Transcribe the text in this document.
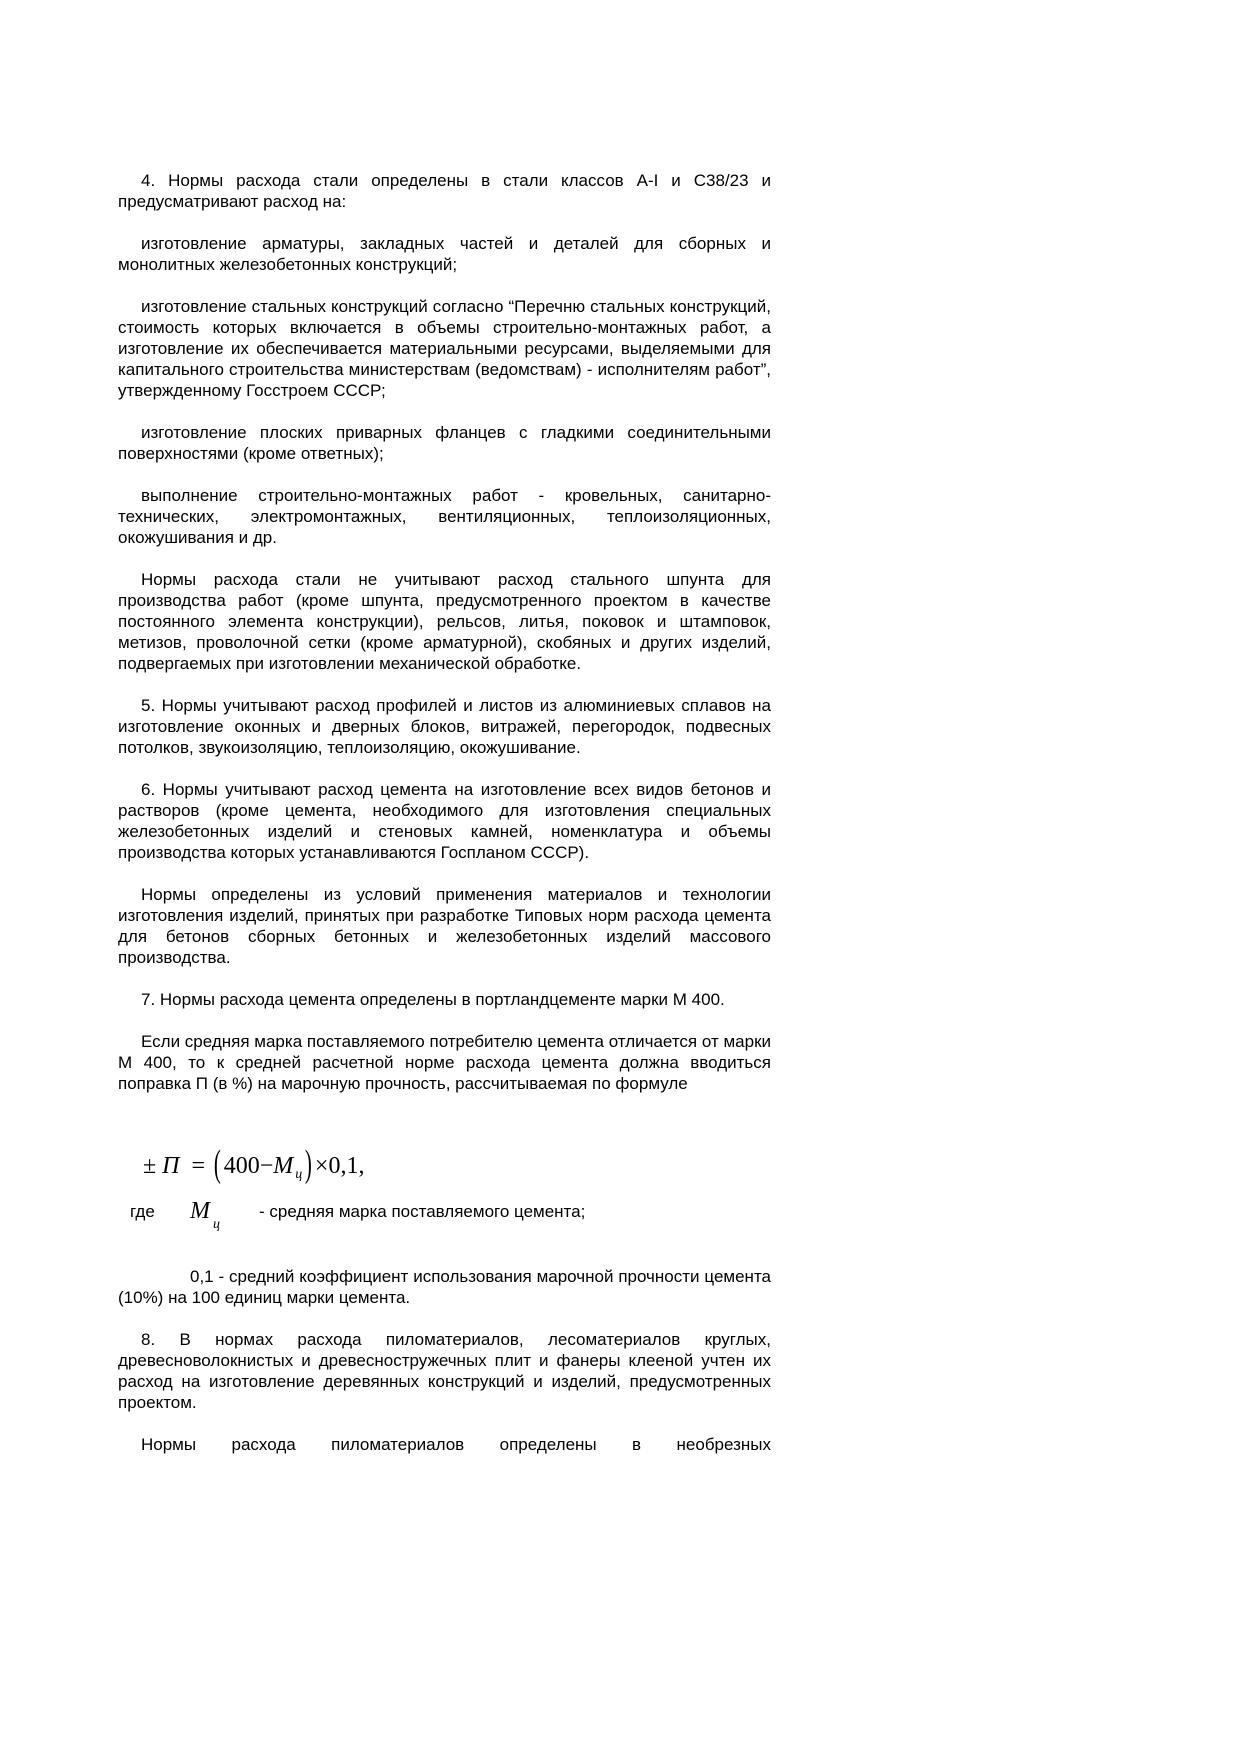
4. Нормы расхода стали определены в стали классов А-I и С38/23 и предусматривают расход на:

изготовление арматуры, закладных частей и деталей для сборных и монолитных железобетонных конструкций;

изготовление стальных конструкций согласно “Перечню стальных конструкций, стоимость которых включается в объемы строительно-монтажных работ, а изготовление их обеспечивается материальными ресурсами, выделяемыми для капитального строительства министерствам (ведомствам) - исполнителям работ”, утвержденному Госстроем СССР;

изготовление плоских приварных фланцев с гладкими соединительными поверхностями (кроме ответных);

выполнение строительно-монтажных работ - кровельных, санитарно-технических, электромонтажных, вентиляционных, теплоизоляционных, окожушивания и др.

Нормы расхода стали не учитывают расход стального шпунта для производства работ (кроме шпунта, предусмотренного проектом в качестве постоянного элемента конструкции), рельсов, литья, поковок и штамповок, метизов, проволочной сетки (кроме арматурной), скобяных и других изделий, подвергаемых при изготовлении механической обработке.

5. Нормы учитывают расход профилей и листов из алюминиевых сплавов на изготовление оконных и дверных блоков, витражей, перегородок, подвесных потолков, звукоизоляцию, теплоизоляцию, окожушивание.

6. Нормы учитывают расход цемента на изготовление всех видов бетонов и растворов (кроме цемента, необходимого для изготовления специальных железобетонных изделий и стеновых камней, номенклатура и объемы производства которых устанавливаются Госпланом СССР).

Нормы определены из условий применения материалов и технологии изготовления изделий, принятых при разработке Типовых норм расхода цемента для бетонов сборных бетонных и железобетонных изделий массового производства.

7. Нормы расхода цемента определены в портландцементе марки М 400.

Если средняя марка поставляемого потребителю цемента отличается от марки М 400, то к средней расчетной норме расхода цемента должна вводиться поправка П (в %) на марочную прочность, рассчитываемая по формуле

± П = ( 400 − М ц ) × 0,1,
где $М_ц$
- средняя марка поставляемого цемента;

0,1 - средний коэффициент использования марочной прочности цемента (10%) на 100 единиц марки цемента.

8. В нормах расхода пиломатериалов, лесоматериалов круглых, древесноволокнистых и древесностружечных плит и фанеры клееной учтен их расход на изготовление деревянных конструкций и изделий, предусмотренных проектом.

Нормы расхода пиломатериалов определены в необрезных
